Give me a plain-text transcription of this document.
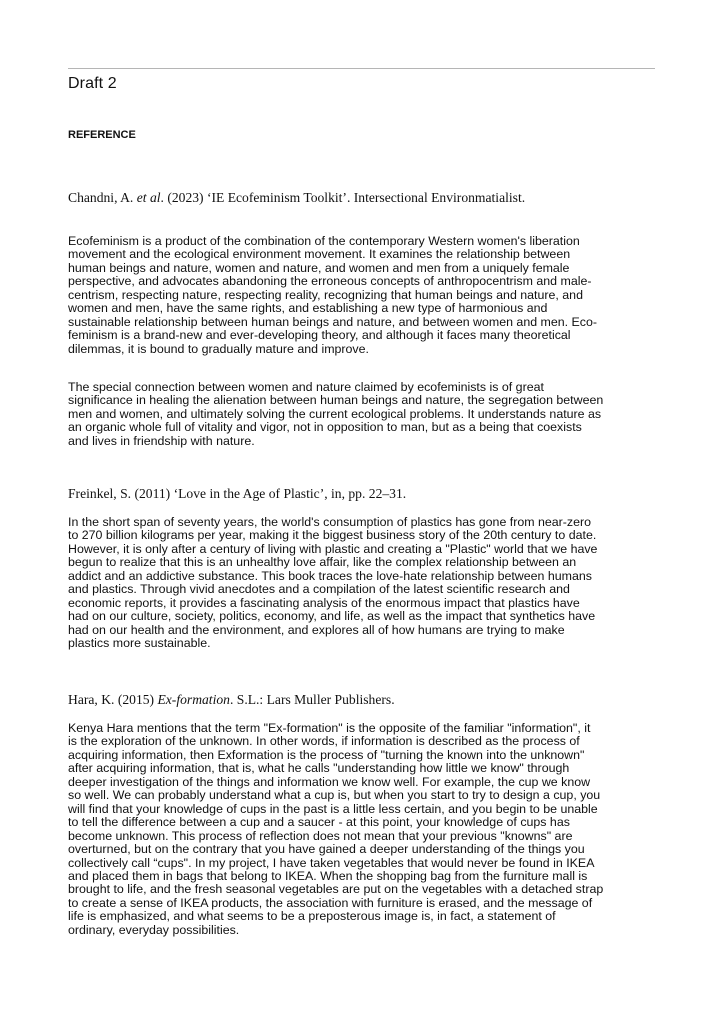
Draft 2
REFERENCE
Chandni, A. et al. (2023) ‘IE Ecofeminism Toolkit’. Intersectional Environmatialist.
Ecofeminism is a product of the combination of the contemporary Western women's liberation
movement and the ecological environment movement. It examines the relationship between
human beings and nature, women and nature, and women and men from a uniquely female
perspective, and advocates abandoning the erroneous concepts of anthropocentrism and male-
centrism, respecting nature, respecting reality, recognizing that human beings and nature, and
women and men, have the same rights, and establishing a new type of harmonious and
sustainable relationship between human beings and nature, and between women and men. Eco-
feminism is a brand-new and ever-developing theory, and although it faces many theoretical
dilemmas, it is bound to gradually mature and improve.
The special connection between women and nature claimed by ecofeminists is of great
significance in healing the alienation between human beings and nature, the segregation between
men and women, and ultimately solving the current ecological problems. It understands nature as
an organic whole full of vitality and vigor, not in opposition to man, but as a being that coexists
and lives in friendship with nature.
Freinkel, S. (2011) ‘Love in the Age of Plastic’, in, pp. 22–31.
In the short span of seventy years, the world's consumption of plastics has gone from near-zero
to 270 billion kilograms per year, making it the biggest business story of the 20th century to date.
However, it is only after a century of living with plastic and creating a "Plastic" world that we have
begun to realize that this is an unhealthy love affair, like the complex relationship between an
addict and an addictive substance. This book traces the love-hate relationship between humans
and plastics. Through vivid anecdotes and a compilation of the latest scientific research and
economic reports, it provides a fascinating analysis of the enormous impact that plastics have
had on our culture, society, politics, economy, and life, as well as the impact that synthetics have
had on our health and the environment, and explores all of how humans are trying to make
plastics more sustainable.
Hara, K. (2015) Ex-formation. S.L.: Lars Muller Publishers.
Kenya Hara mentions that the term "Ex-formation" is the opposite of the familiar "information", it
is the exploration of the unknown. In other words, if information is described as the process of
acquiring information, then Exformation is the process of "turning the known into the unknown"
after acquiring information, that is, what he calls "understanding how little we know" through
deeper investigation of the things and information we know well. For example, the cup we know
so well. We can probably understand what a cup is, but when you start to try to design a cup, you
will find that your knowledge of cups in the past is a little less certain, and you begin to be unable
to tell the difference between a cup and a saucer - at this point, your knowledge of cups has
become unknown. This process of reflection does not mean that your previous "knowns" are
overturned, but on the contrary that you have gained a deeper understanding of the things you
collectively call “cups". In my project, I have taken vegetables that would never be found in IKEA
and placed them in bags that belong to IKEA. When the shopping bag from the furniture mall is
brought to life, and the fresh seasonal vegetables are put on the vegetables with a detached strap
to create a sense of IKEA products, the association with furniture is erased, and the message of
life is emphasized, and what seems to be a preposterous image is, in fact, a statement of
ordinary, everyday possibilities.
